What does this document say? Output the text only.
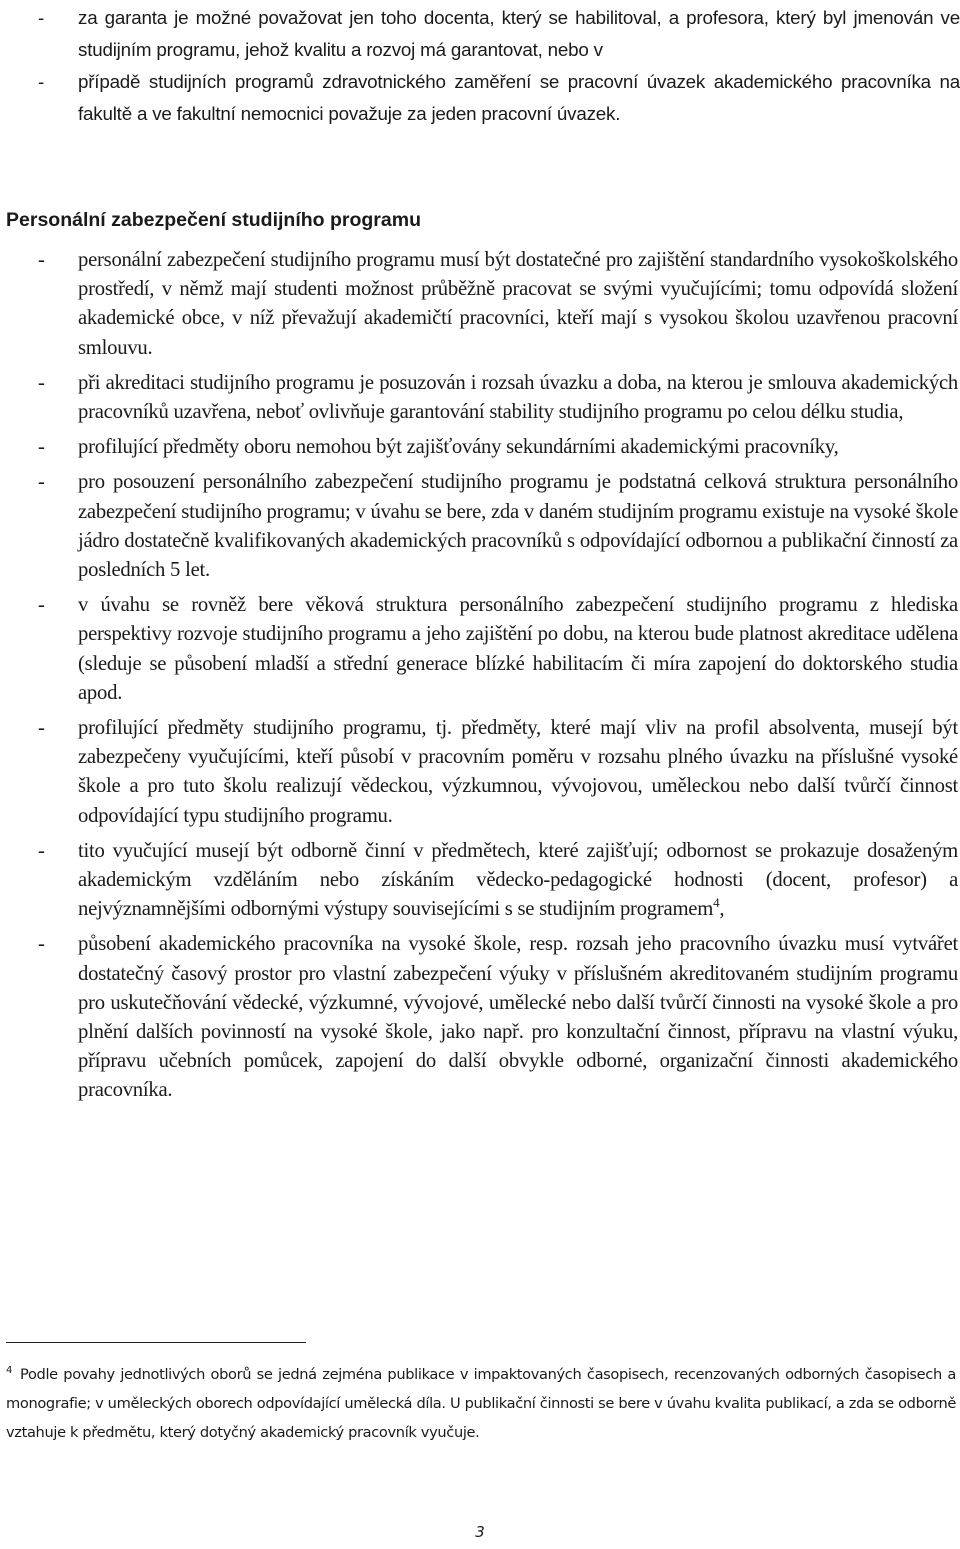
- za garanta je možné považovat jen toho docenta, který se habilitoval, a profesora, který byl jmenován ve studijním programu, jehož kvalitu a rozvoj má garantovat, nebo v
- případě studijních programů zdravotnického zaměření se pracovní úvazek akademického pracovníka na fakultě a ve fakultní nemocnici považuje za jeden pracovní úvazek.
Personální zabezpečení studijního programu
- personální zabezpečení studijního programu musí být dostatečné pro zajištění standardního vysokoškolského prostředí, v němž mají studenti možnost průběžně pracovat se svými vyučujícími; tomu odpovídá složení akademické obce, v níž převažují akademičtí pracovníci, kteří mají s vysokou školou uzavřenou pracovní smlouvu.
- při akreditaci studijního programu je posuzován i rozsah úvazku a doba, na kterou je smlouva akademických pracovníků uzavřena, neboť ovlivňuje garantování stability studijního programu po celou délku studia,
- profilující předměty oboru nemohou být zajišťovány sekundárními akademickými pracovníky,
- pro posouzení personálního zabezpečení studijního programu je podstatná celková struktura personálního zabezpečení studijního programu; v úvahu se bere, zda v daném studijním programu existuje na vysoké škole jádro dostatečně kvalifikovaných akademických pracovníků s odpovídající odbornou a publikační činností za posledních 5 let.
- v úvahu se rovněž bere věková struktura personálního zabezpečení studijního programu z hlediska perspektivy rozvoje studijního programu a jeho zajištění po dobu, na kterou bude platnost akreditace udělena (sleduje se působení mladší a střední generace blízké habilitacím či míra zapojení do doktorského studia apod.
- profilující předměty studijního programu, tj. předměty, které mají vliv na profil absolventa, musejí být zabezpečeny vyučujícími, kteří působí v pracovním poměru v rozsahu plného úvazku na příslušné vysoké škole a pro tuto školu realizují vědeckou, výzkumnou, vývojovou, uměleckou nebo další tvůrčí činnost odpovídající typu studijního programu.
- tito vyučující musejí být odborně činní v předmětech, které zajišťují; odbornost se prokazuje dosaženým akademickým vzděláním nebo získáním vědecko-pedagogické hodnosti (docent, profesor) a nejvýznamnějšími odbornými výstupy souvisejícími s se studijním programem$^4$,
- působení akademického pracovníka na vysoké škole, resp. rozsah jeho pracovního úvazku musí vytvářet dostatečný časový prostor pro vlastní zabezpečení výuky v příslušném akreditovaném studijním programu pro uskutečňování vědecké, výzkumné, vývojové, umělecké nebo další tvůrčí činnosti na vysoké škole a pro plnění dalších povinností na vysoké škole, jako např. pro konzultační činnost, přípravu na vlastní výuku, přípravu učebních pomůcek, zapojení do další obvykle odborné, organizační činnosti akademického pracovníka.
$^4$ Podle povahy jednotlivých oborů se jedná zejména publikace v impaktovaných časopisech, recenzovaných odborných časopisech a monografie; v uměleckých oborech odpovídající umělecká díla. U publikační činnosti se bere v úvahu kvalita publikací, a zda se odborně vztahuje k předmětu, který dotyčný akademický pracovník vyučuje.
3
